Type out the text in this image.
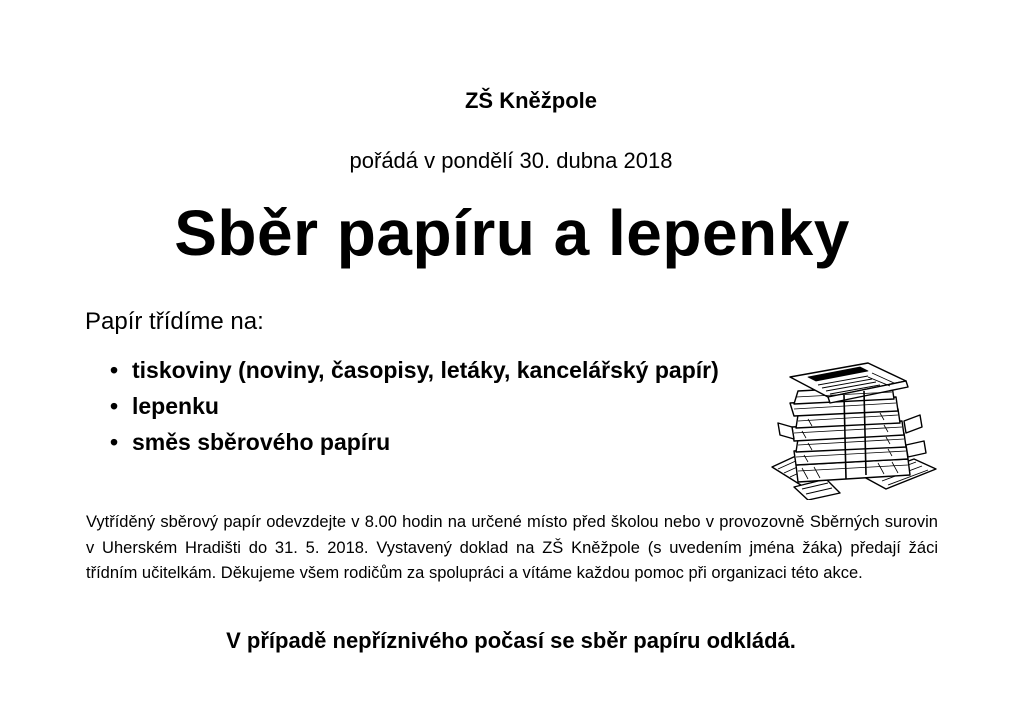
ZŠ Kněžpole
pořádá v pondělí 30. dubna 2018
Sběr papíru a lepenky
Papír třídíme na:
• tiskoviny (noviny, časopisy, letáky, kancelářský papír)
• lepenku
• směs sběrového papíru
Vytříděný sběrový papír odevzdejte v 8.00 hodin na určené místo před školou nebo v provozovně Sběrných surovin v Uherském Hradišti do 31. 5. 2018. Vystavený doklad na ZŠ Kněžpole (s uvedením jména žáka) předají žáci třídním učitelkám. Děkujeme všem rodičům za spolupráci a vítáme každou pomoc při organizaci této akce.
V případě nepříznivého počasí se sběr papíru odkládá.
